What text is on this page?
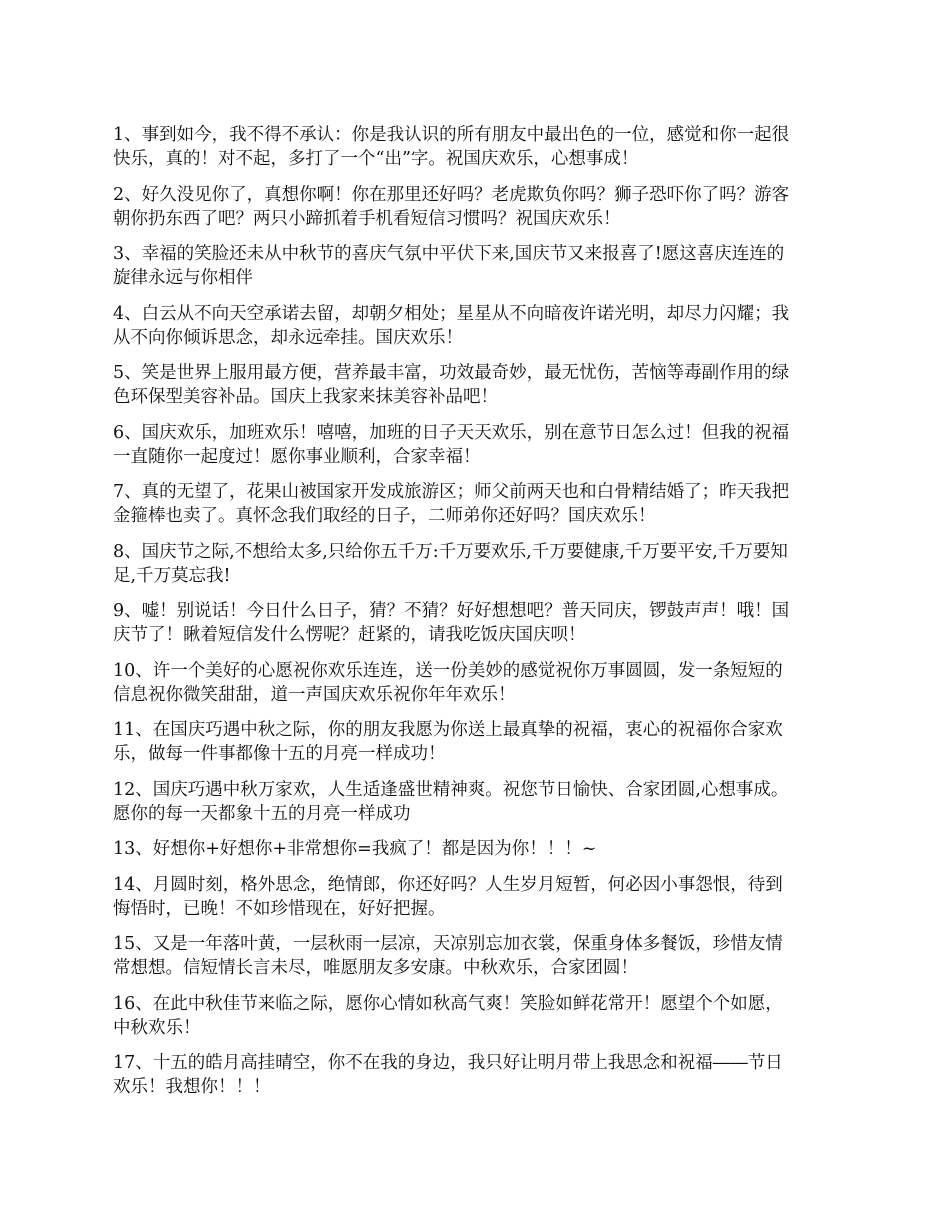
1、事到如今，我不得不承认：你是我认识的所有朋友中最出色的一位，感觉和你一起很
快乐，真的！对不起，多打了一个“出”字。祝国庆欢乐，心想事成！

2、好久没见你了，真想你啊！你在那里还好吗？老虎欺负你吗？狮子恐吓你了吗？游客
朝你扔东西了吧？两只小蹄抓着手机看短信习惯吗？祝国庆欢乐！

3、幸福的笑脸还未从中秋节的喜庆气氛中平伏下来,国庆节又来报喜了!愿这喜庆连连的
旋律永远与你相伴

4、白云从不向天空承诺去留，却朝夕相处；星星从不向暗夜许诺光明，却尽力闪耀；我
从不向你倾诉思念，却永远牵挂。国庆欢乐！

5、笑是世界上服用最方便，营养最丰富，功效最奇妙，最无忧伤，苦恼等毒副作用的绿
色环保型美容补品。国庆上我家来抹美容补品吧！

6、国庆欢乐，加班欢乐！嘻嘻，加班的日子天天欢乐，别在意节日怎么过！但我的祝福
一直随你一起度过！愿你事业顺利，合家幸福！

7、真的无望了，花果山被国家开发成旅游区；师父前两天也和白骨精结婚了；昨天我把
金箍棒也卖了。真怀念我们取经的日子，二师弟你还好吗？国庆欢乐！

8、国庆节之际,不想给太多,只给你五千万:千万要欢乐,千万要健康,千万要平安,千万要知
足,千万莫忘我!

9、嘘！别说话！今日什么日子，猜？不猜？好好想想吧？普天同庆，锣鼓声声！哦！国
庆节了！瞅着短信发什么愣呢？赶紧的，请我吃饭庆国庆呗！

10、许一个美好的心愿祝你欢乐连连，送一份美妙的感觉祝你万事圆圆，发一条短短的
信息祝你微笑甜甜，道一声国庆欢乐祝你年年欢乐！

11、在国庆巧遇中秋之际，你的朋友我愿为你送上最真挚的祝福，衷心的祝福你合家欢
乐，做每一件事都像十五的月亮一样成功！

12、国庆巧遇中秋万家欢，人生适逢盛世精神爽。祝您节日愉快、合家团圆,心想事成。
愿你的每一天都象十五的月亮一样成功

13、好想你+好想你+非常想你=我疯了！都是因为你！！！~

14、月圆时刻，格外思念，绝情郎，你还好吗？人生岁月短暂，何必因小事怨恨，待到
悔悟时，已晚！不如珍惜现在，好好把握。

15、又是一年落叶黄，一层秋雨一层凉，天凉别忘加衣裳，保重身体多餐饭，珍惜友情
常想想。信短情长言未尽，唯愿朋友多安康。中秋欢乐，合家团圆！

16、在此中秋佳节来临之际，愿你心情如秋高气爽！笑脸如鲜花常开！愿望个个如愿，
中秋欢乐！

17、十五的皓月高挂晴空，你不在我的身边，我只好让明月带上我思念和祝福――节日
欢乐！我想你！！！
